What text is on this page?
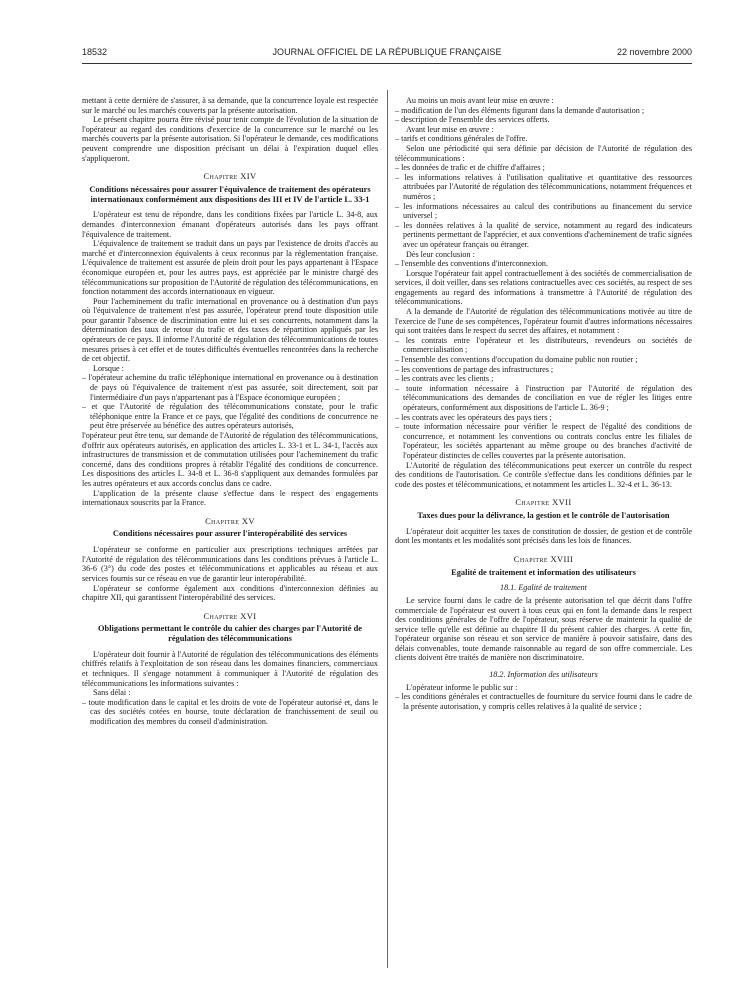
18532	JOURNAL OFFICIEL DE LA RÉPUBLIQUE FRANÇAISE	22 novembre 2000

mettant à cette dernière de s'assurer, à sa demande, que la concurrence loyale est respectée sur le marché ou les marchés couverts par la présente autorisation.

Le présent chapitre pourra être révisé pour tenir compte de l'évolution de la situation de l'opérateur au regard des conditions d'exercice de la concurrence sur le marché ou les marchés couverts par la présente autorisation. Si l'opérateur le demande, ces modifications peuvent comprendre une disposition précisant un délai à l'expiration duquel elles s'appliqueront.

Chapitre XIV

Conditions nécessaires pour assurer l'équivalence de traitement des opérateurs internationaux conformément aux dispositions des III et IV de l'article L. 33-1

L'opérateur est tenu de répondre, dans les conditions fixées par l'article L. 34-8, aux demandes d'interconnexion émanant d'opérateurs autorisés dans les pays offrant l'équivalence de traitement.

L'équivalence de traitement se traduit dans un pays par l'existence de droits d'accès au marché et d'interconnexion équivalents à ceux reconnus par la réglementation française. L'équivalence de traitement est assurée de plein droit pour les pays appartenant à l'Espace économique européen et, pour les autres pays, est appréciée par le ministre chargé des télécommunications sur proposition de l'Autorité de régulation des télécommunications, en fonction notamment des accords internationaux en vigueur.

Pour l'acheminement du trafic international en provenance ou à destination d'un pays où l'équivalence de traitement n'est pas assurée, l'opérateur prend toute disposition utile pour garantir l'absence de discrimination entre lui et ses concurrents, notamment dans la détermination des taux de retour du trafic et des taxes de répartition appliqués par les opérateurs de ce pays. Il informe l'Autorité de régulation des télécommunications de toutes mesures prises à cet effet et de toutes difficultés éventuelles rencontrées dans la recherche de cet objectif.

Lorsque :

– l'opérateur achemine du trafic téléphonique international en provenance ou à destination de pays où l'équivalence de traitement n'est pas assurée, soit directement, soit par l'intermédiaire d'un pays n'appartenant pas à l'Espace économique européen ;
– et que l'Autorité de régulation des télécommunications constate, pour le trafic téléphonique entre la France et ce pays, que l'égalité des conditions de concurrence ne peut être préservée au bénéfice des autres opérateurs autorisés,

l'opérateur peut être tenu, sur demande de l'Autorité de régulation des télécommunications, d'offrir aux opérateurs autorisés, en application des articles L. 33-1 et L. 34-1, l'accès aux infrastructures de transmission et de commutation utilisées pour l'acheminement du trafic concerné, dans des conditions propres à rétablir l'égalité des conditions de concurrence. Les dispositions des articles L. 34-8 et L. 36-8 s'appliquent aux demandes formulées par les autres opérateurs et aux accords conclus dans ce cadre.

L'application de la présente clause s'effectue dans le respect des engagements internationaux souscrits par la France.

Chapitre XV

Conditions nécessaires pour assurer l'interopérabilité des services

L'opérateur se conforme en particulier aux prescriptions techniques arrêtées par l'Autorité de régulation des télécommunications dans les conditions prévues à l'article L. 36-6 (3°) du code des postes et télécommunications et applicables au réseau et aux services fournis sur ce réseau en vue de garantir leur interopérabilité.

L'opérateur se conforme également aux conditions d'interconnexion définies au chapitre XII, qui garantissent l'interopérabilité des services.

Chapitre XVI

Obligations permettant le contrôle du cahier des charges par l'Autorité de régulation des télécommunications

L'opérateur doit fournir à l'Autorité de régulation des télécommunications des éléments chiffrés relatifs à l'exploitation de son réseau dans les domaines financiers, commerciaux et techniques. Il s'engage notamment à communiquer à l'Autorité de régulation des télécommunications les informations suivantes :

Sans délai :

– toute modification dans le capital et les droits de vote de l'opérateur autorisé et, dans le cas des sociétés cotées en bourse, toute déclaration de franchissement de seuil ou modification des membres du conseil d'administration.

Au moins un mois avant leur mise en œuvre :

– modification de l'un des éléments figurant dans la demande d'autorisation ;
– description de l'ensemble des services offerts.

Avant leur mise en œuvre :

– tarifs et conditions générales de l'offre.

Selon une périodicité qui sera définie par décision de l'Autorité de régulation des télécommunications :

– les données de trafic et de chiffre d'affaires ;
– les informations relatives à l'utilisation qualitative et quantitative des ressources attribuées par l'Autorité de régulation des télécommunications, notamment fréquences et numéros ;
– les informations nécessaires au calcul des contributions au financement du service universel ;
– les données relatives à la qualité de service, notamment au regard des indicateurs pertinents permettant de l'apprécier, et aux conventions d'acheminement de trafic signées avec un opérateur français ou étranger.

Dès leur conclusion :

– l'ensemble des conventions d'interconnexion.

Lorsque l'opérateur fait appel contractuellement à des sociétés de commercialisation de services, il doit veiller, dans ses relations contractuelles avec ces sociétés, au respect de ses engagements au regard des informations à transmettre à l'Autorité de régulation des télécommunications.

A la demande de l'Autorité de régulation des télécommunications motivée au titre de l'exercice de l'une de ses compétences, l'opérateur fournit d'autres informations nécessaires qui sont traitées dans le respect du secret des affaires, et notamment :

– les contrats entre l'opérateur et les distributeurs, revendeurs ou sociétés de commercialisation ;
– l'ensemble des conventions d'occupation du domaine public non routier ;
– les conventions de partage des infrastructures ;
– les contrats avec les clients ;
– toute information nécessaire à l'instruction par l'Autorité de régulation des télécommunications des demandes de conciliation en vue de régler les litiges entre opérateurs, conformément aux dispositions de l'article L. 36-9 ;
– les contrats avec les opérateurs des pays tiers ;
– toute information nécessaire pour vérifier le respect de l'égalité des conditions de concurrence, et notamment les conventions ou contrats conclus entre les filiales de l'opérateur, les sociétés appartenant au même groupe ou des branches d'activité de l'opérateur distinctes de celles couvertes par la présente autorisation.

L'Autorité de régulation des télécommunications peut exercer un contrôle du respect des conditions de l'autorisation. Ce contrôle s'effectue dans les conditions définies par le code des postes et télécommunications, et notamment les articles L. 32-4 et L. 36-13.

Chapitre XVII

Taxes dues pour la délivrance, la gestion et le contrôle de l'autorisation

L'opérateur doit acquitter les taxes de constitution de dossier, de gestion et de contrôle dont les montants et les modalités sont précisés dans les lois de finances.

Chapitre XVIII

Egalité de traitement et information des utilisateurs

18.1. Egalité de traitement

Le service fourni dans le cadre de la présente autorisation tel que décrit dans l'offre commerciale de l'opérateur est ouvert à tous ceux qui en font la demande dans le respect des conditions générales de l'offre de l'opérateur, sous réserve de maintenir la qualité de service telle qu'elle est définie au chapitre II du présent cahier des charges. A cette fin, l'opérateur organise son réseau et son service de manière à pouvoir satisfaire, dans des délais convenables, toute demande raisonnable au regard de son offre commerciale. Les clients doivent être traités de manière non discriminatoire.

18.2. Information des utilisateurs

L'opérateur informe le public sur :

– les conditions générales et contractuelles de fourniture du service fourni dans le cadre de la présente autorisation, y compris celles relatives à la qualité de service ;
